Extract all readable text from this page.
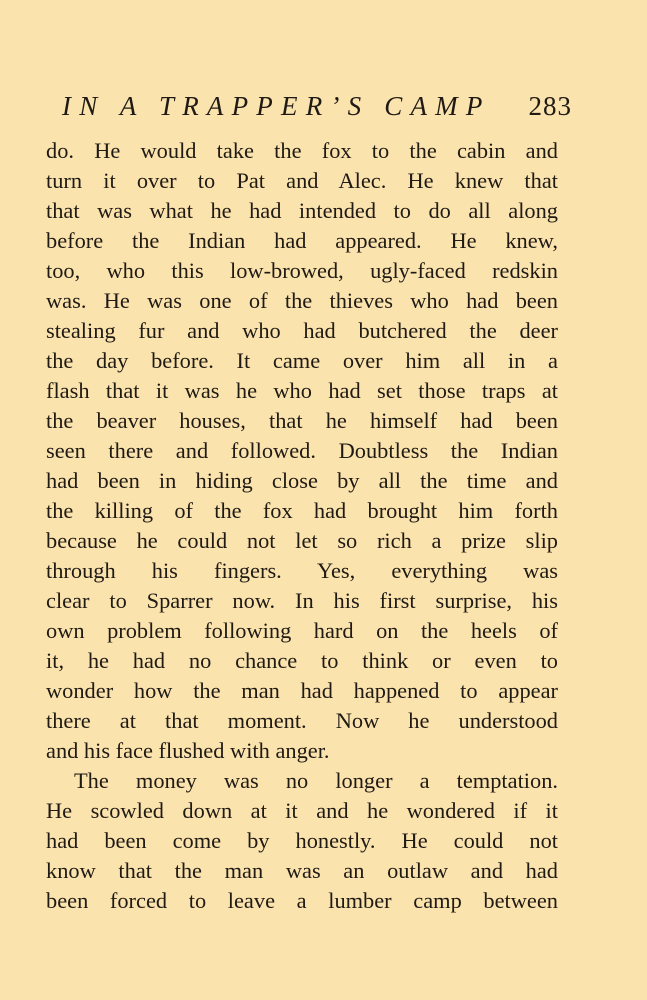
IN A TRAPPER’S CAMP 283
do. He would take the fox to the cabin and
turn it over to Pat and Alec. He knew that
that was what he had intended to do all along
before the Indian had appeared. He knew,
too, who this low-browed, ugly-faced redskin
was. He was one of the thieves who had been
stealing fur and who had butchered the deer
the day before. It came over him all in a
flash that it was he who had set those traps at
the beaver houses, that he himself had been
seen there and followed. Doubtless the Indian
had been in hiding close by all the time and
the killing of the fox had brought him forth
because he could not let so rich a prize slip
through his fingers. Yes, everything was
clear to Sparrer now. In his first surprise, his
own problem following hard on the heels of
it, he had no chance to think or even to
wonder how the man had happened to appear
there at that moment. Now he understood
and his face flushed with anger.
The money was no longer a temptation.
He scowled down at it and he wondered if it
had been come by honestly. He could not
know that the man was an outlaw and had
been forced to leave a lumber camp between
